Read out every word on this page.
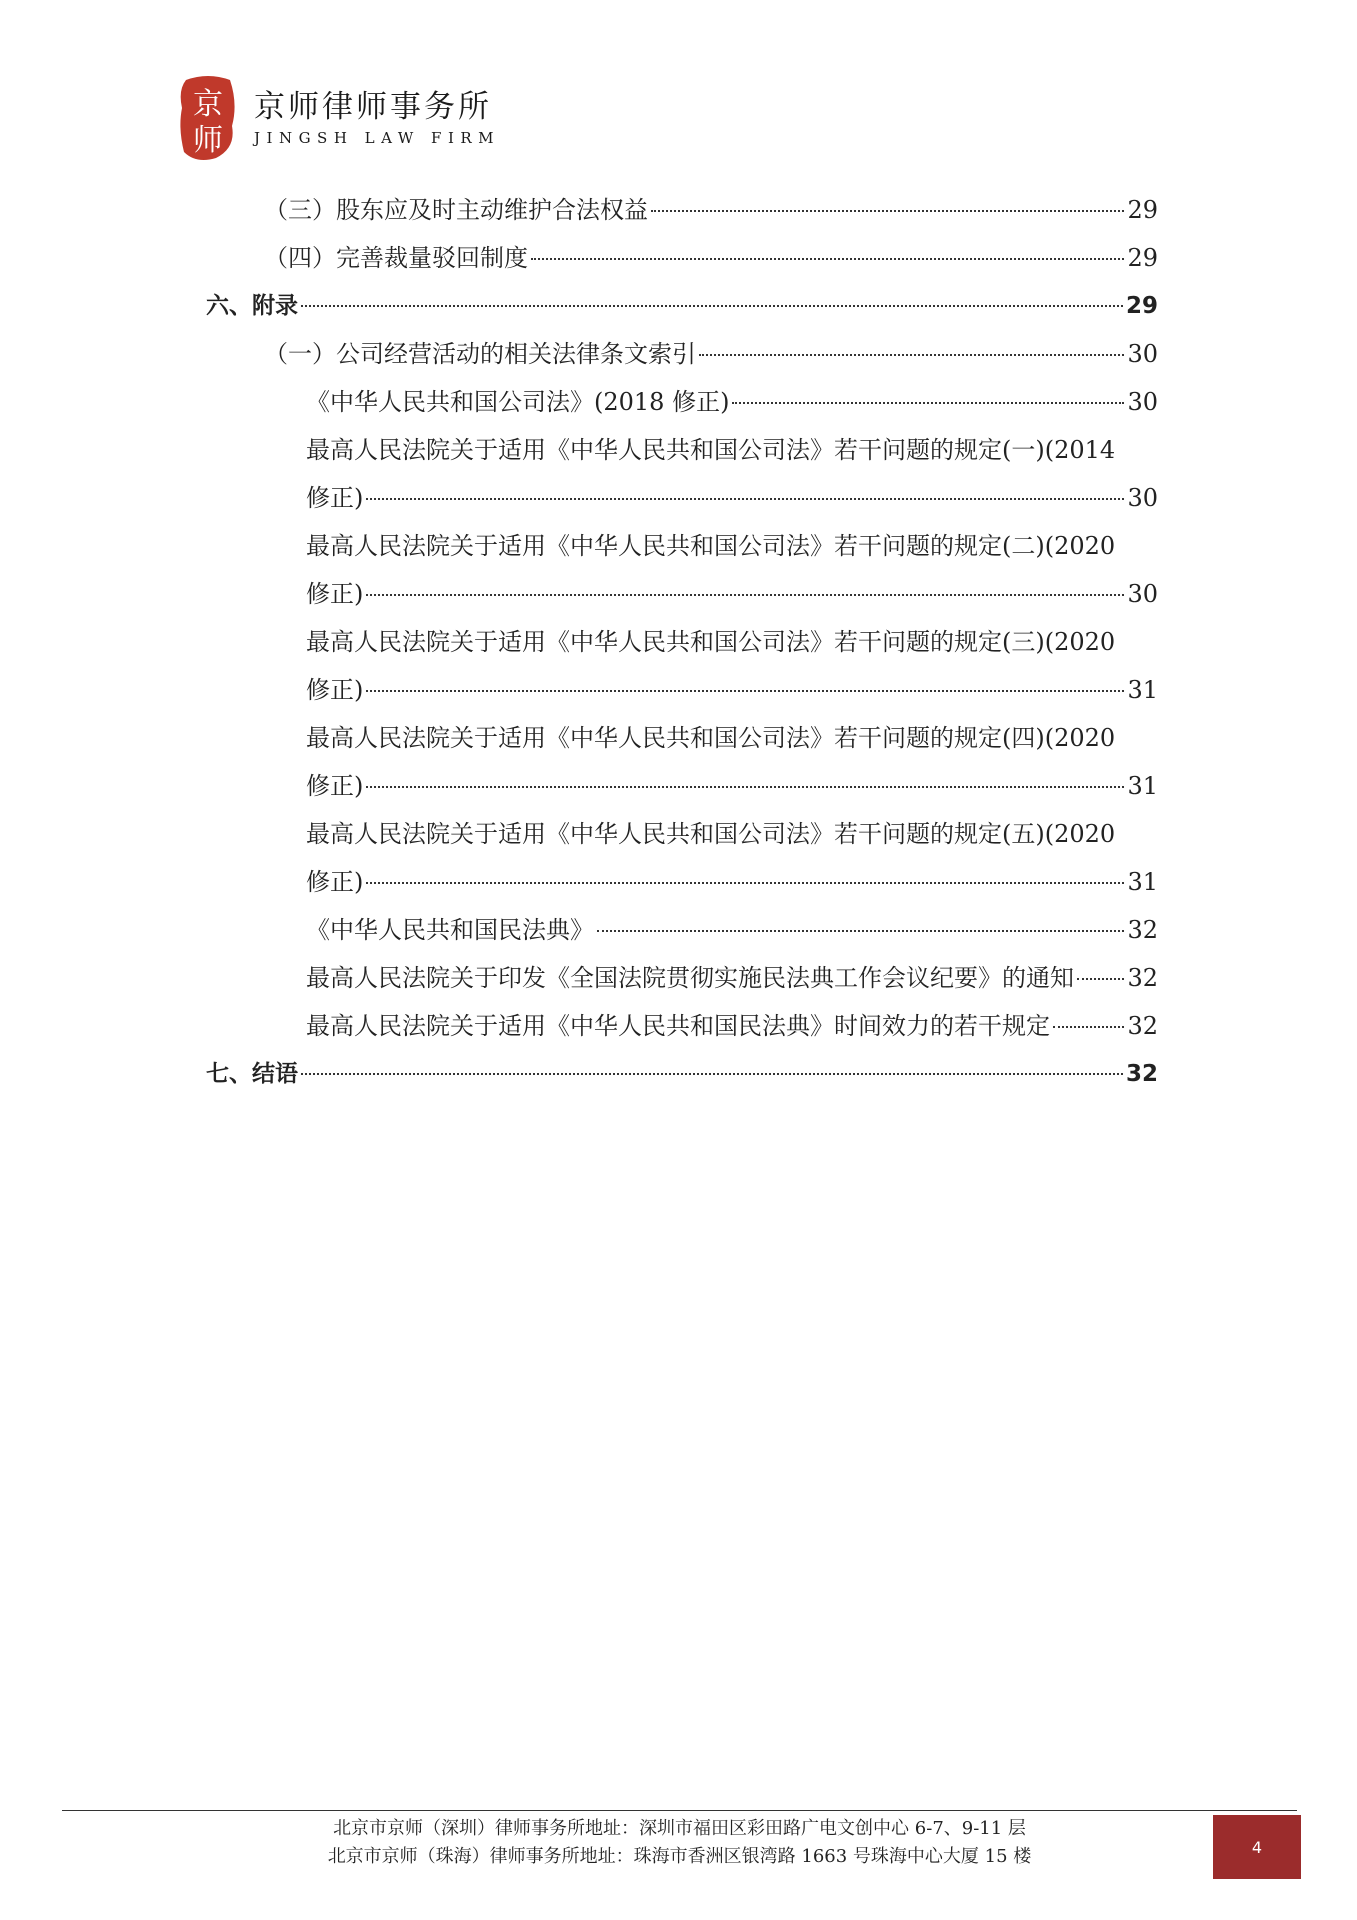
京
师
京师律师事务所
JINGSH LAW FIRM
（三）股东应及时主动维护合法权益	29
（四）完善裁量驳回制度	29
六、附录	29
（一）公司经营活动的相关法律条文索引	30
《中华人民共和国公司法》(2018 修正)	30
最高人民法院关于适用《中华人民共和国公司法》若干问题的规定(一)(2014
修正)	30
最高人民法院关于适用《中华人民共和国公司法》若干问题的规定(二)(2020
修正)	30
最高人民法院关于适用《中华人民共和国公司法》若干问题的规定(三)(2020
修正)	31
最高人民法院关于适用《中华人民共和国公司法》若干问题的规定(四)(2020
修正)	31
最高人民法院关于适用《中华人民共和国公司法》若干问题的规定(五)(2020
修正)	31
《中华人民共和国民法典》	32
最高人民法院关于印发《全国法院贯彻实施民法典工作会议纪要》的通知 32
最高人民法院关于适用《中华人民共和国民法典》时间效力的若干规定	32
七、结语	32
北京市京师（深圳）律师事务所地址：深圳市福田区彩田路广电文创中心 6-7、9-11 层
北京市京师（珠海）律师事务所地址：珠海市香洲区银湾路 1663 号珠海中心大厦 15 楼	4
